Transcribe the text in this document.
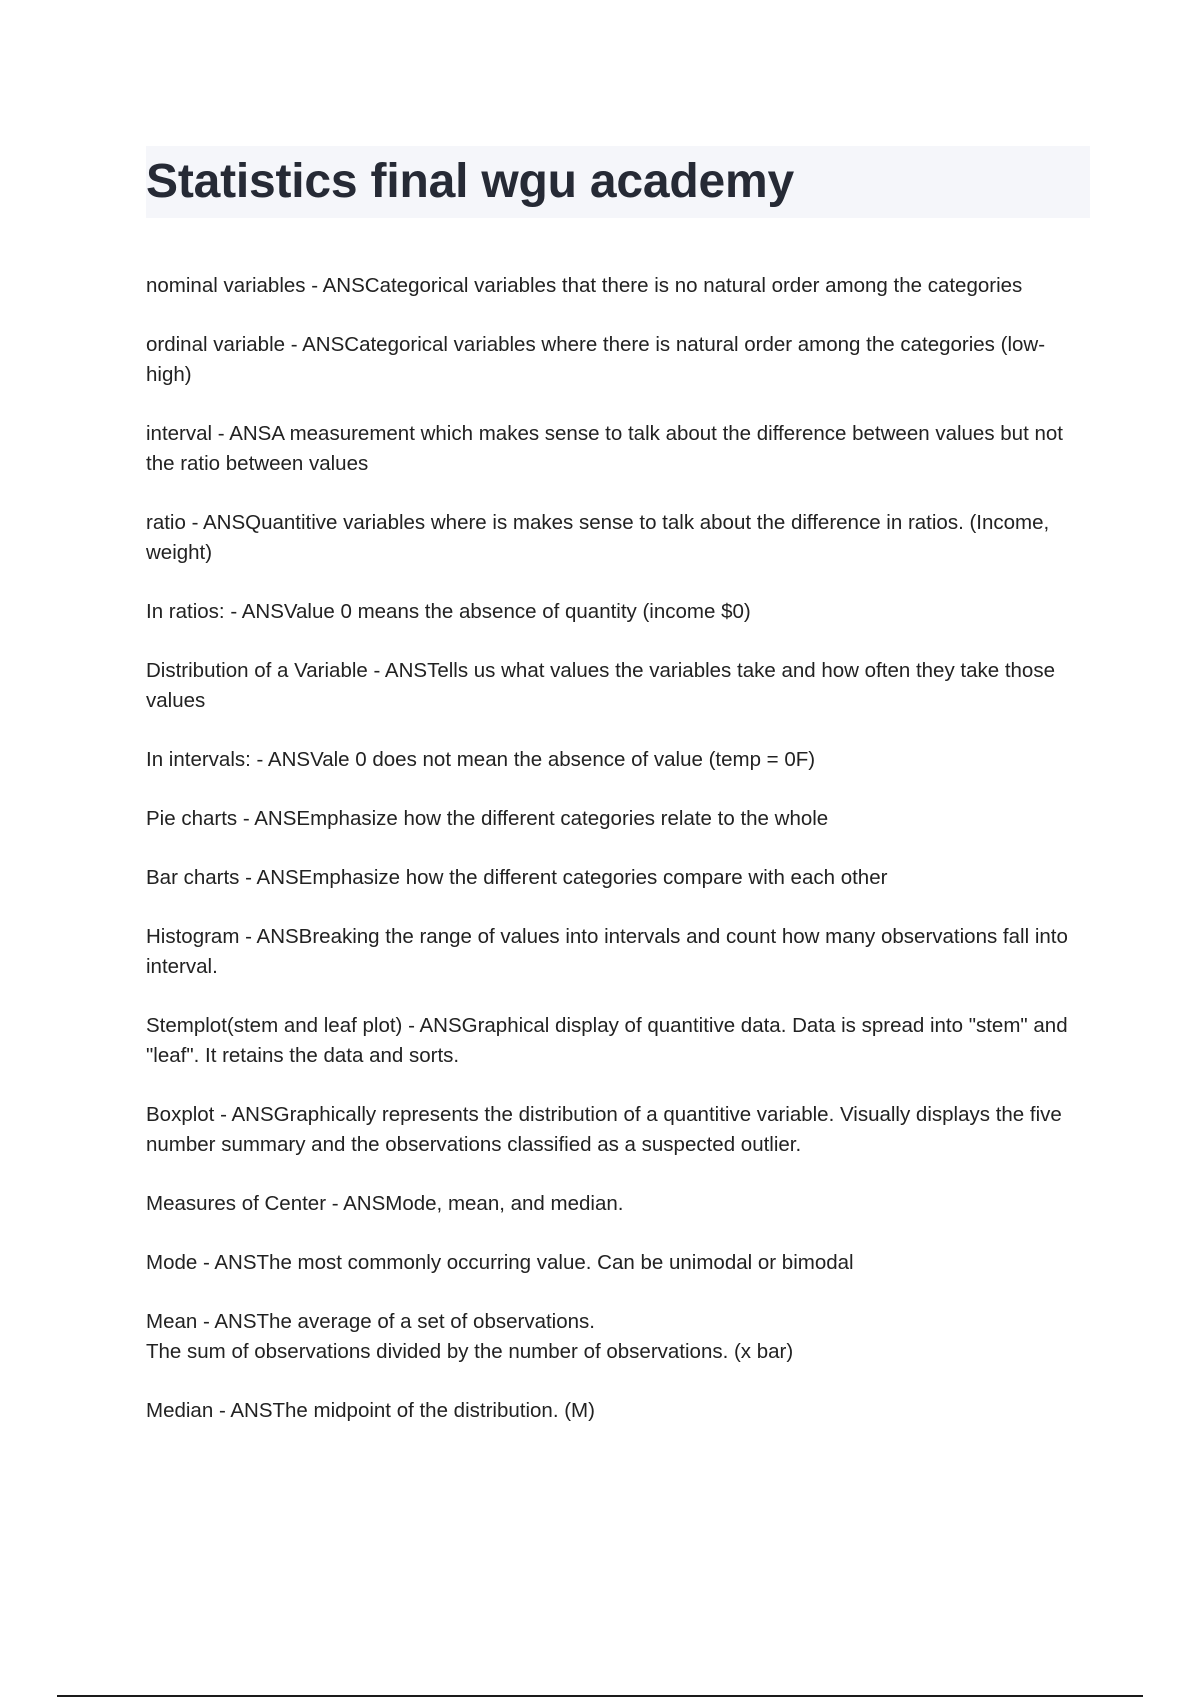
Statistics final wgu academy

nominal variables - ANSCategorical variables that there is no natural order among the categories

ordinal variable - ANSCategorical variables where there is natural order among the categories (low-high)

interval - ANSA measurement which makes sense to talk about the difference between values but not the ratio between values

ratio - ANSQuantitive variables where is makes sense to talk about the difference in ratios. (Income, weight)

In ratios: - ANSValue 0 means the absence of quantity (income $0)

Distribution of a Variable - ANSTells us what values the variables take and how often they take those values

In intervals: - ANSVale 0 does not mean the absence of value (temp = 0F)

Pie charts - ANSEmphasize how the different categories relate to the whole

Bar charts - ANSEmphasize how the different categories compare with each other

Histogram - ANSBreaking the range of values into intervals and count how many observations fall into interval.

Stemplot(stem and leaf plot) - ANSGraphical display of quantitive data. Data is spread into "stem" and "leaf". It retains the data and sorts.

Boxplot - ANSGraphically represents the distribution of a quantitive variable. Visually displays the five number summary and the observations classified as a suspected outlier.

Measures of Center - ANSMode, mean, and median.

Mode - ANSThe most commonly occurring value. Can be unimodal or bimodal

Mean - ANSThe average of a set of observations.
The sum of observations divided by the number of observations. (x bar)

Median - ANSThe midpoint of the distribution. (M)
